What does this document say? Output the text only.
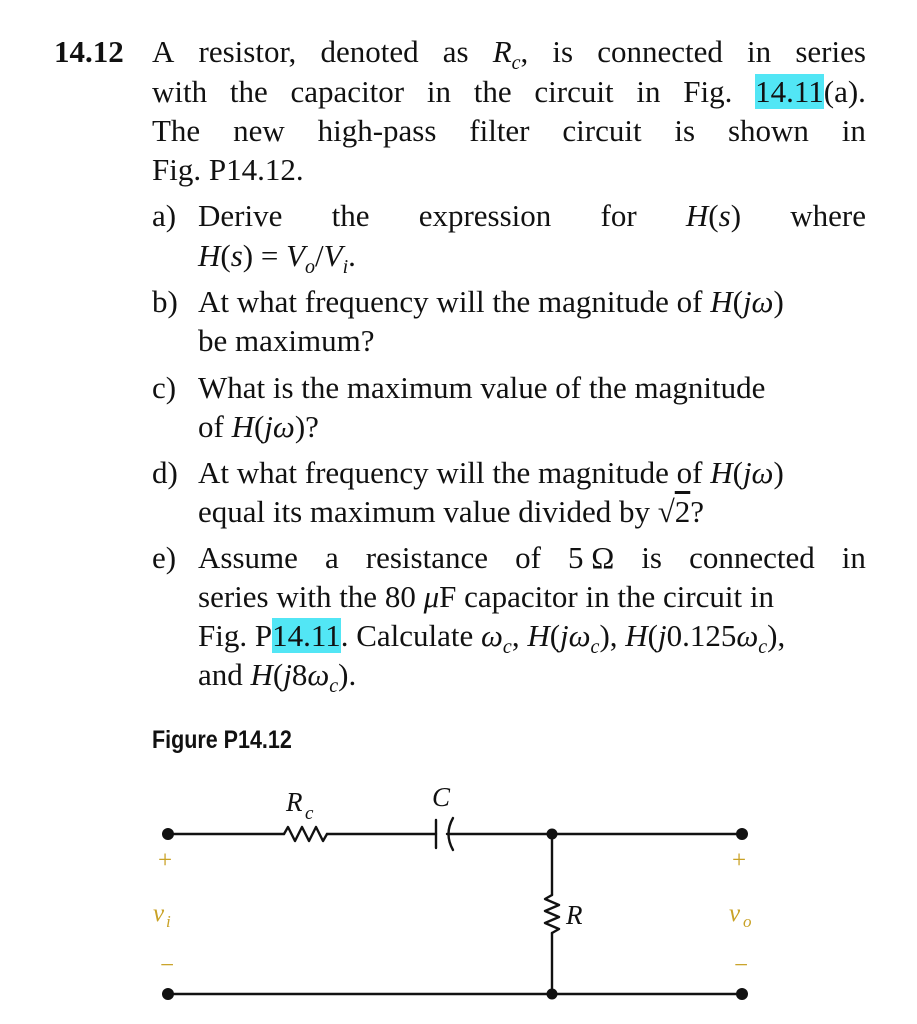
14.12 A resistor, denoted as $R_c$, is connected in series
with the capacitor in the circuit in Fig. 14.11(a).
The new high-pass filter circuit is shown in
Fig. P14.12.
a) Derive the expression for H(s) where
$H(s) = V_o/V_i$.
b) At what frequency will the magnitude of H(jω)
be maximum?
c) What is the maximum value of the magnitude
of H(jω)?
d) At what frequency will the magnitude of H(jω)
equal its maximum value divided by √2?
e) Assume a resistance of 5 Ω is connected in
series with the 80 μF capacitor in the circuit in
Fig. P14.11. Calculate $\omega_c$, $H(j\omega_c)$, $H(j0.125\omega_c)$,
and $H(j8\omega_c)$.
Figure P14.12
R c
C
R
+
v i
−
+
v o
−
